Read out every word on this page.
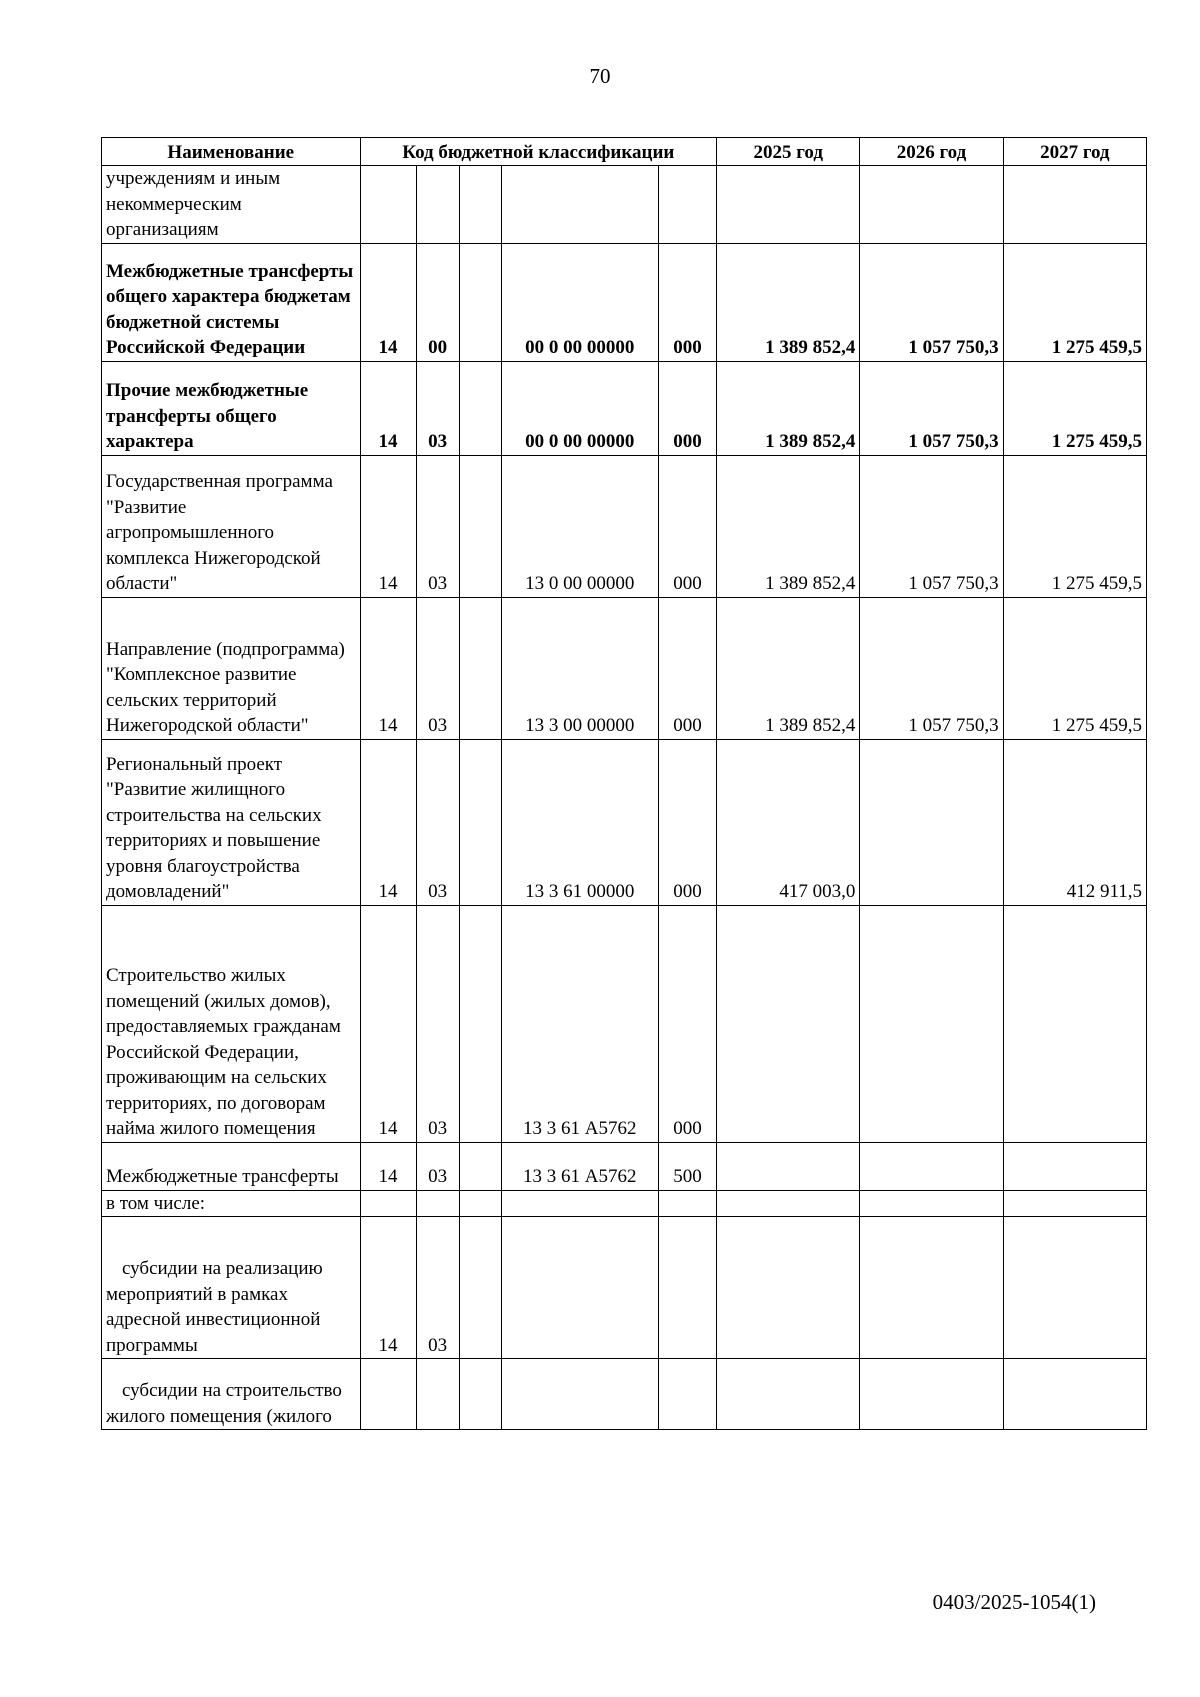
70
Наименование	Код бюджетной классификации					2025 год	2026 год	2027 год
учреждениям и иным некоммерческим организациям								
Межбюджетные трансферты общего характера бюджетам бюджетной системы Российской Федерации	14	00		00 0 00 00000	000	1 389 852,4	1 057 750,3	1 275 459,5
Прочие межбюджетные трансферты общего характера	14	03		00 0 00 00000	000	1 389 852,4	1 057 750,3	1 275 459,5
Государственная программа "Развитие агропромышленного комплекса Нижегородской области"	14	03		13 0 00 00000	000	1 389 852,4	1 057 750,3	1 275 459,5
Направление (подпрограмма) "Комплексное развитие сельских территорий Нижегородской области"	14	03		13 3 00 00000	000	1 389 852,4	1 057 750,3	1 275 459,5
Региональный проект "Развитие жилищного строительства на сельских территориях и повышение уровня благоустройства домовладений"	14	03		13 3 61 00000	000	417 003,0		412 911,5
Строительство жилых помещений (жилых домов), предоставляемых гражданам Российской Федерации, проживающим на сельских территориях, по договорам найма жилого помещения	14	03		13 3 61 А5762	000			
Межбюджетные трансферты	14	03		13 3 61 А5762	500			
в том числе:								
субсидии на реализацию мероприятий в рамках адресной инвестиционной программы	14	03						
субсидии на строительство жилого помещения (жилого								
0403/2025-1054(1)
